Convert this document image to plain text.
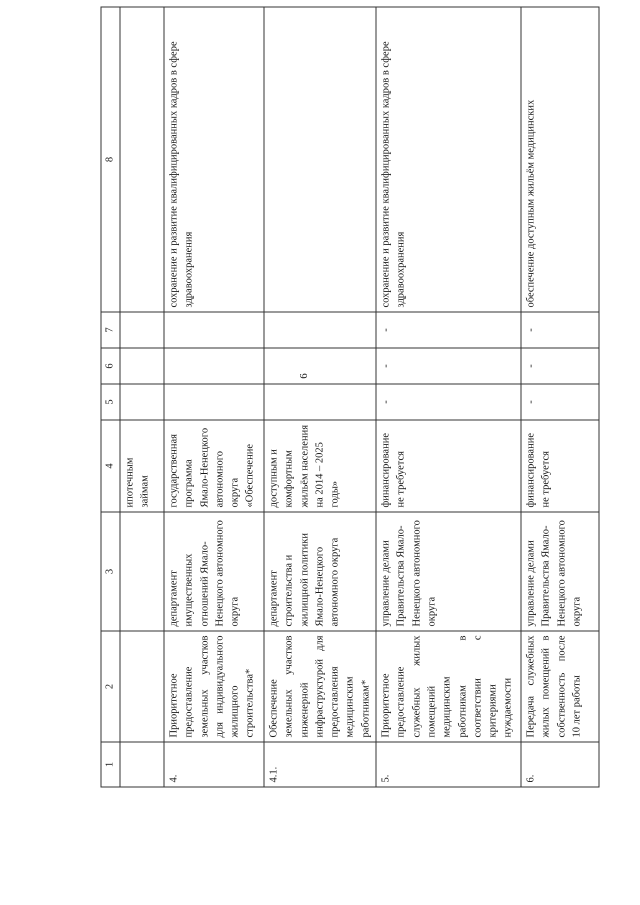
6
1	2	3	4	5	6	7	8
			ипотечным займам				
4.	Приоритетное предоставление земельных участков для индивидуального жилищного строительства*	департамент имущественных отношений Ямало-Ненецкого автономного округа	государственная программа Ямало-Ненецкого автономного округа «Обеспечение				сохранение и развитие квалифицированных кадров в сфере здравоохранения
4.1.	Обеспечение земельных участков инженерной инфраструктурой для предоставления медицинским работникам*	департамент строительства и жилищной политики Ямало-Ненецкого автономного округа	доступным и комфортным жильём населения на 2014 – 2025 годы»				
5.	Приоритетное предоставление служебных жилых помещений медицинским работникам в соответствии с критериями нуждаемости	управление делами Правительства Ямало-Ненецкого автономного округа	финансирование не требуется	-	-	-	сохранение и развитие квалифицированных кадров в сфере здравоохранения
6.	Передача служебных жилых помещений в собственность после 10 лет работы	управление делами Правительства Ямало-Ненецкого автономного округа	финансирование не требуется	-	-	-	обеспечение доступным жильём медицинских
